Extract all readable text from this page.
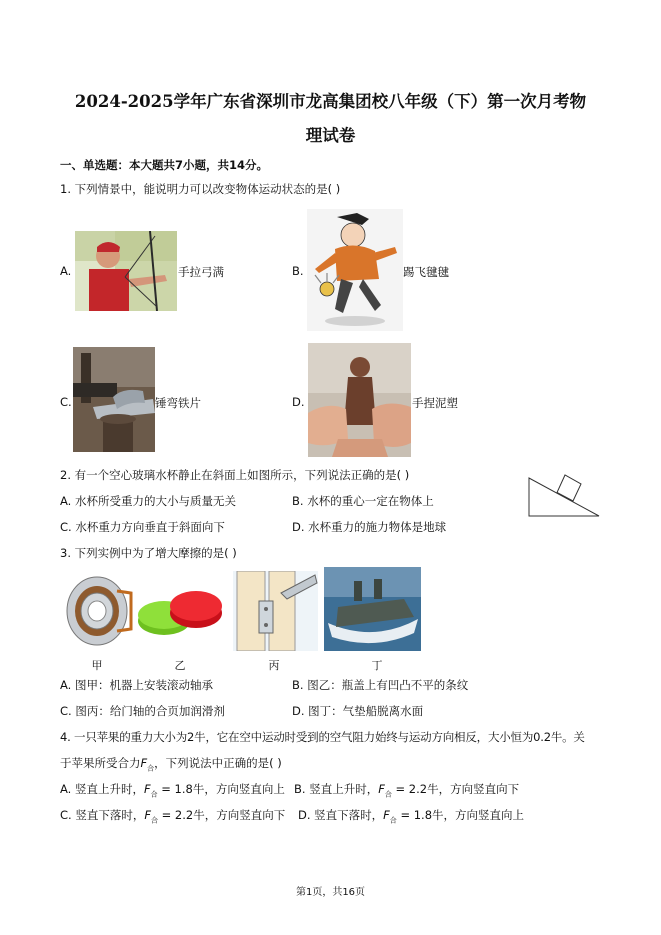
2024-2025学年广东省深圳市龙高集团校八年级（下）第一次月考物
理试卷
一、单选题：本大题共7小题，共14分。
1. 下列情景中，能说明力可以改变物体运动状态的是( )
A.	手拉弓满	B.	踢飞毽毽
C.	锤弯铁片	D.	手捏泥塑
2. 有一个空心玻璃水杯静止在斜面上如图所示，下列说法正确的是( )
A. 水杯所受重力的大小与质量无关	B. 水杯的重心一定在物体上
C. 水杯重力方向垂直于斜面向下	D. 水杯重力的施力物体是地球
3. 下列实例中为了增大摩擦的是( )
甲	乙	丙	丁
A. 图甲：机器上安装滚动轴承	B. 图乙：瓶盖上有凹凸不平的条纹
C. 图丙：给门轴的合页加润滑剂	D. 图丁：气垫船脱离水面
4. 一只苹果的重力大小为2牛，它在空中运动时受到的空气阻力始终与运动方向相反，大小恒为0.2牛。关
于苹果所受合力$F_合$，下列说法中正确的是( )
A. 竖直上升时，$F_合 = 1.8$牛，方向竖直向上 B. 竖直上升时，$F_合 = 2.2$牛，方向竖直向下
C. 竖直下落时，$F_合 = 2.2$牛，方向竖直向下 D. 竖直下落时，$F_合 = 1.8$牛，方向竖直向上
第1页，共16页
